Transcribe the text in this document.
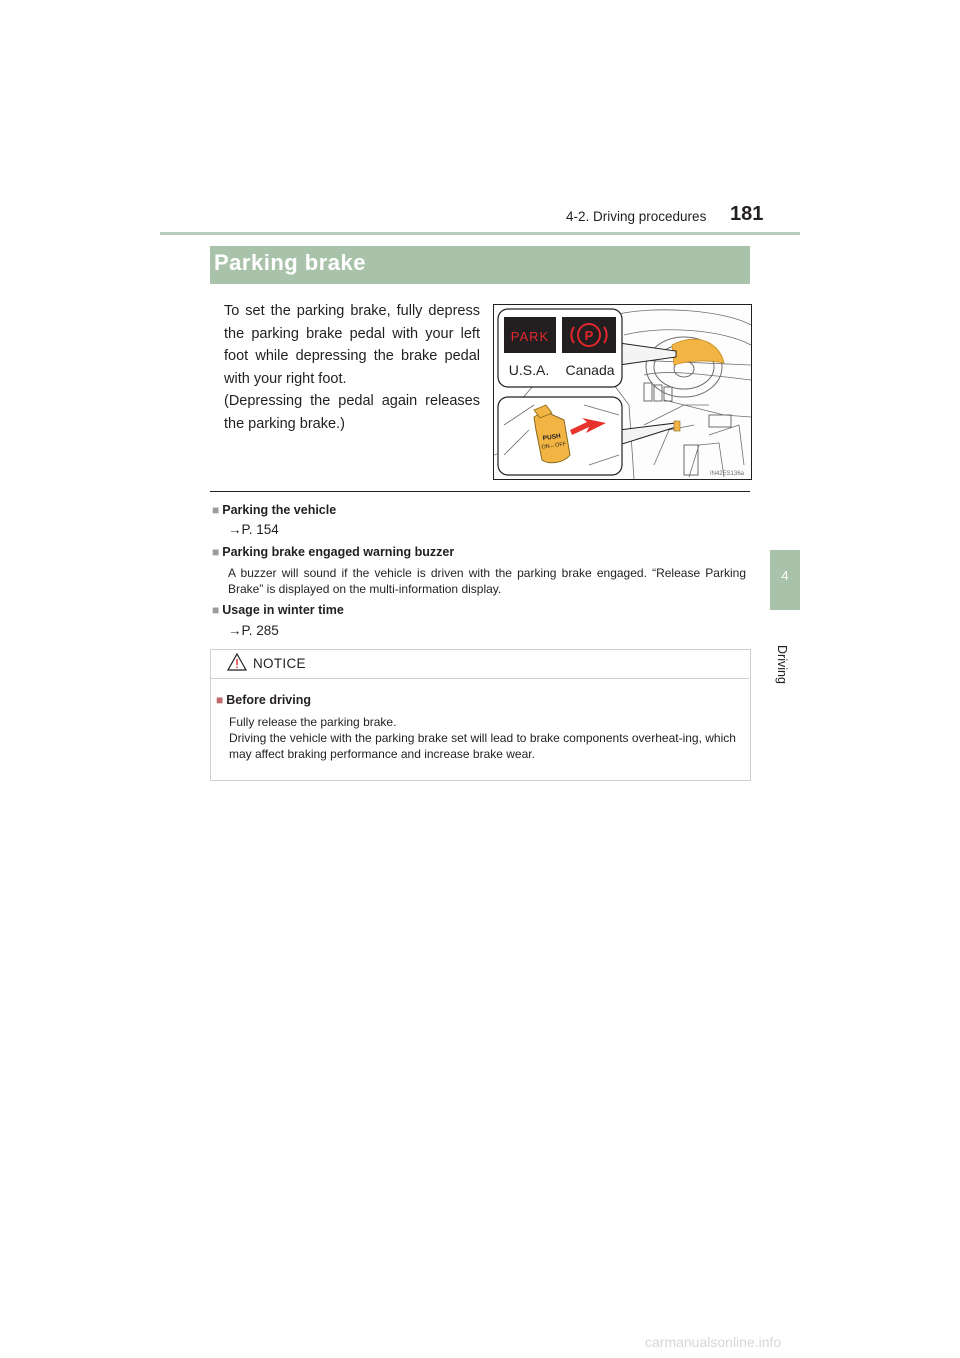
4-2. Driving procedures 181
4
Driving
Parking brake

To set the parking brake, fully depress the parking brake pedal with your left foot while depressing the brake pedal with your right foot.

(Depressing the pedal again releases the parking brake.)

PARK	P
U.S.A. Canada
PUSH
ON↔OFF
IN42ES136a
■ Parking the vehicle
→P. 154
■ Parking brake engaged warning buzzer
A buzzer will sound if the vehicle is driven with the parking brake engaged. “Release Parking Brake” is displayed on the multi-information display.
■ Usage in winter time
→P. 285
NOTICE
■ Before driving
Fully release the parking brake.
Driving the vehicle with the parking brake set will lead to brake components overheat-ing, which may affect braking performance and increase brake wear.
carmanualsonline.info
